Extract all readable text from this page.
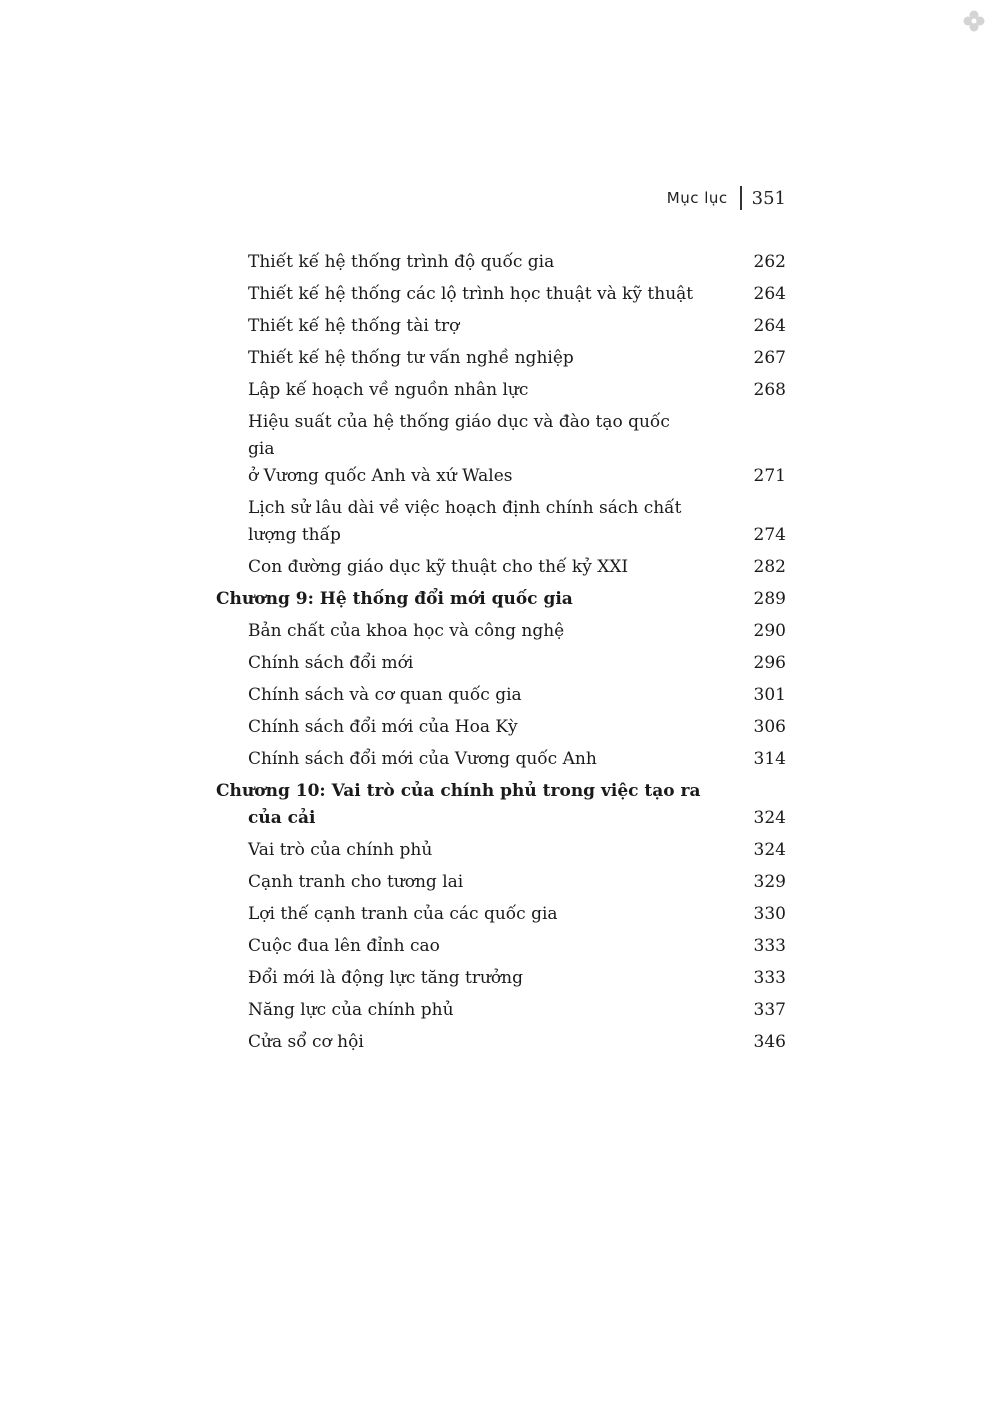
Mục lục 351
Thiết kế hệ thống trình độ quốc gia	262
Thiết kế hệ thống các lộ trình học thuật và kỹ thuật	264
Thiết kế hệ thống tài trợ	264
Thiết kế hệ thống tư vấn nghề nghiệp	267
Lập kế hoạch về nguồn nhân lực	268
Hiệu suất của hệ thống giáo dục và đào tạo quốc gia
ở Vương quốc Anh và xứ Wales	271
Lịch sử lâu dài về việc hoạch định chính sách chất
lượng thấp	274
Con đường giáo dục kỹ thuật cho thế kỷ XXI	282
Chương 9: Hệ thống đổi mới quốc gia	289
Bản chất của khoa học và công nghệ	290
Chính sách đổi mới	296
Chính sách và cơ quan quốc gia	301
Chính sách đổi mới của Hoa Kỳ	306
Chính sách đổi mới của Vương quốc Anh	314
Chương 10: Vai trò của chính phủ trong việc tạo ra
của cải	324
Vai trò của chính phủ	324
Cạnh tranh cho tương lai	329
Lợi thế cạnh tranh của các quốc gia	330
Cuộc đua lên đỉnh cao	333
Đổi mới là động lực tăng trưởng	333
Năng lực của chính phủ	337
Cửa sổ cơ hội	346
